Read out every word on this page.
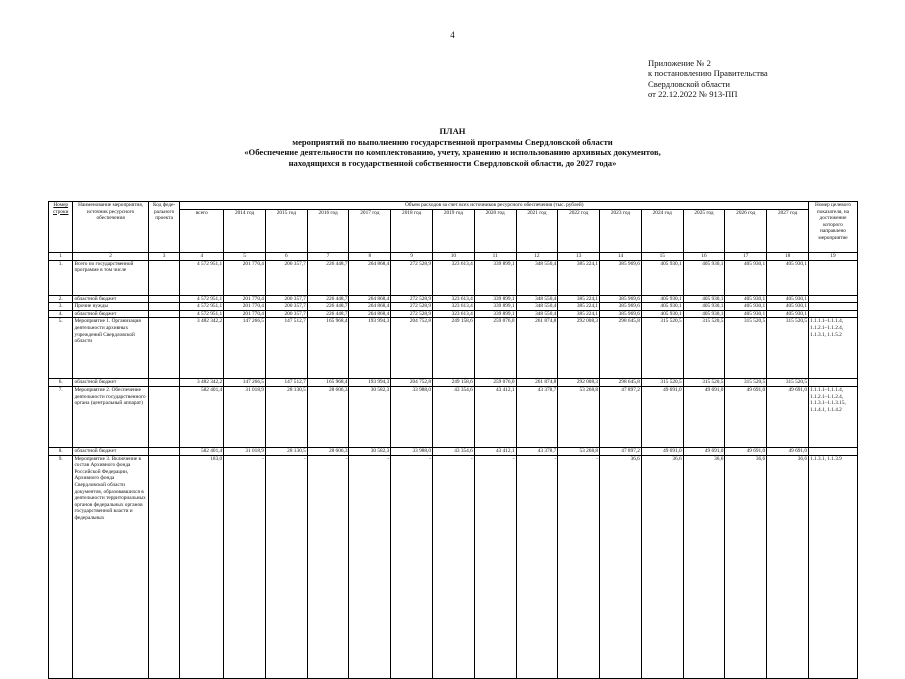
4
Приложение № 2
к постановлению Правительства
Свердловской области
от 22.12.2022 № 913-ПП
ПЛАН
мероприятий по выполнению государственной программы Свердловской области
«Обеспечение деятельности по комплектованию, учету, хранению и использованию архивных документов,
находящихся в государственной собственности Свердловской области, до 2027 года»
Номер строки	Наименование мероприятия, источник ресурсного обеспечения	Код феде-рального проекта	Объем расходов за счет всех источников ресурсного обеспечения (тыс. рублей)															Номер целевого показателя, на достижение которого направлено мероприятие
			всего	2014 год	2015 год	2016 год	2017 год	2018 год	2019 год	2020 год	2021 год	2022 год	2023 год	2024 год	2025 год	2026 год	2027 год	
1	2	3	4	5	6	7	8	9	10	11	12	13	14	15	16	17	18	19
1.	Всего по государственной программе в том числе		4 572 951,1	201 770,4	200 357,7	226 448,7	264 868,4	272 528,9	323 613,4	339 899,1	348 550,4	385 224,1	385 969,6	405 930,1	405 930,1	405 930,1	405 930,1	
2.	областной бюджет		4 572 951,1	201 770,4	200 357,7	226 448,7	264 868,4	272 528,9	323 613,4	339 899,1	348 550,4	385 224,1	385 969,6	405 930,1	405 930,1	405 930,1	405 930,1	
3.	Прочие нужды		4 572 951,1	201 770,4	200 357,7	226 448,7	264 868,4	272 528,9	323 613,4	339 899,1	348 550,4	385 224,1	385 969,6	405 930,1	405 930,1	405 930,1	405 930,1	
4.	областной бюджет		4 572 951,1	201 770,4	200 357,7	226 448,7	264 868,4	272 528,9	323 613,4	339 899,1	348 550,4	385 224,1	385 969,6	405 930,1	405 930,1	405 930,1	405 930,1	
5.	Мероприятие 1. Организация деятельности архивных учреждений Свердловской области		3 482 342,2	147 266,5	147 512,7	165 968,4	193 994,3	204 752,8	249 158,6	259 076,0	261 874,8	292 008,3	298 645,8	315 520,5	315 520,5	315 520,5	315 520,5	1.1.1.1–1.1.1.4, 1.1.2.1–1.1.2.4, 1.1.3.1, 1.1.5.2
6.	областной бюджет		3 482 342,2	147 266,5	147 512,7	165 968,4	193 994,3	204 752,8	249 158,6	259 076,0	261 874,8	292 008,3	298 645,8	315 520,5	315 520,5	315 520,5	315 520,5	
7.	Мероприятие 2. Обеспечение деятельности государственного органа (центральный аппарат)		582 401,4	31 018,9	28 130,5	28 606,3	30 582,3	33 988,0	43 354,6	43 412,1	43 378,7	53 268,8	47 897,2	49 691,0	49 691,0	49 691,0	49 691,0	1.1.1.1–1.1.1.4, 1.1.2.1–1.1.2.4, 1.1.3.1–1.1.3.15, 1.1.4.1, 1.1.4.2
8.	областной бюджет		582 401,4	31 018,9	28 130,5	28 606,3	30 582,3	33 988,0	43 354,6	43 412,1	43 378,7	53 268,8	47 897,2	49 691,0	49 691,0	49 691,0	49 691,0	
9.	Мероприятие 3. Включение в состав Архивного фонда Российской Федерации, Архивного фонда Свердловской области документов, образовавшихся в деятельности территориальных органов федеральных органов государственной власти и федеральных		183,0	-	-	-	-	-	-	-	-	-	36,6	36,6	36,6	36,6	36,6	1.1.3.1, 1.1.3.9
